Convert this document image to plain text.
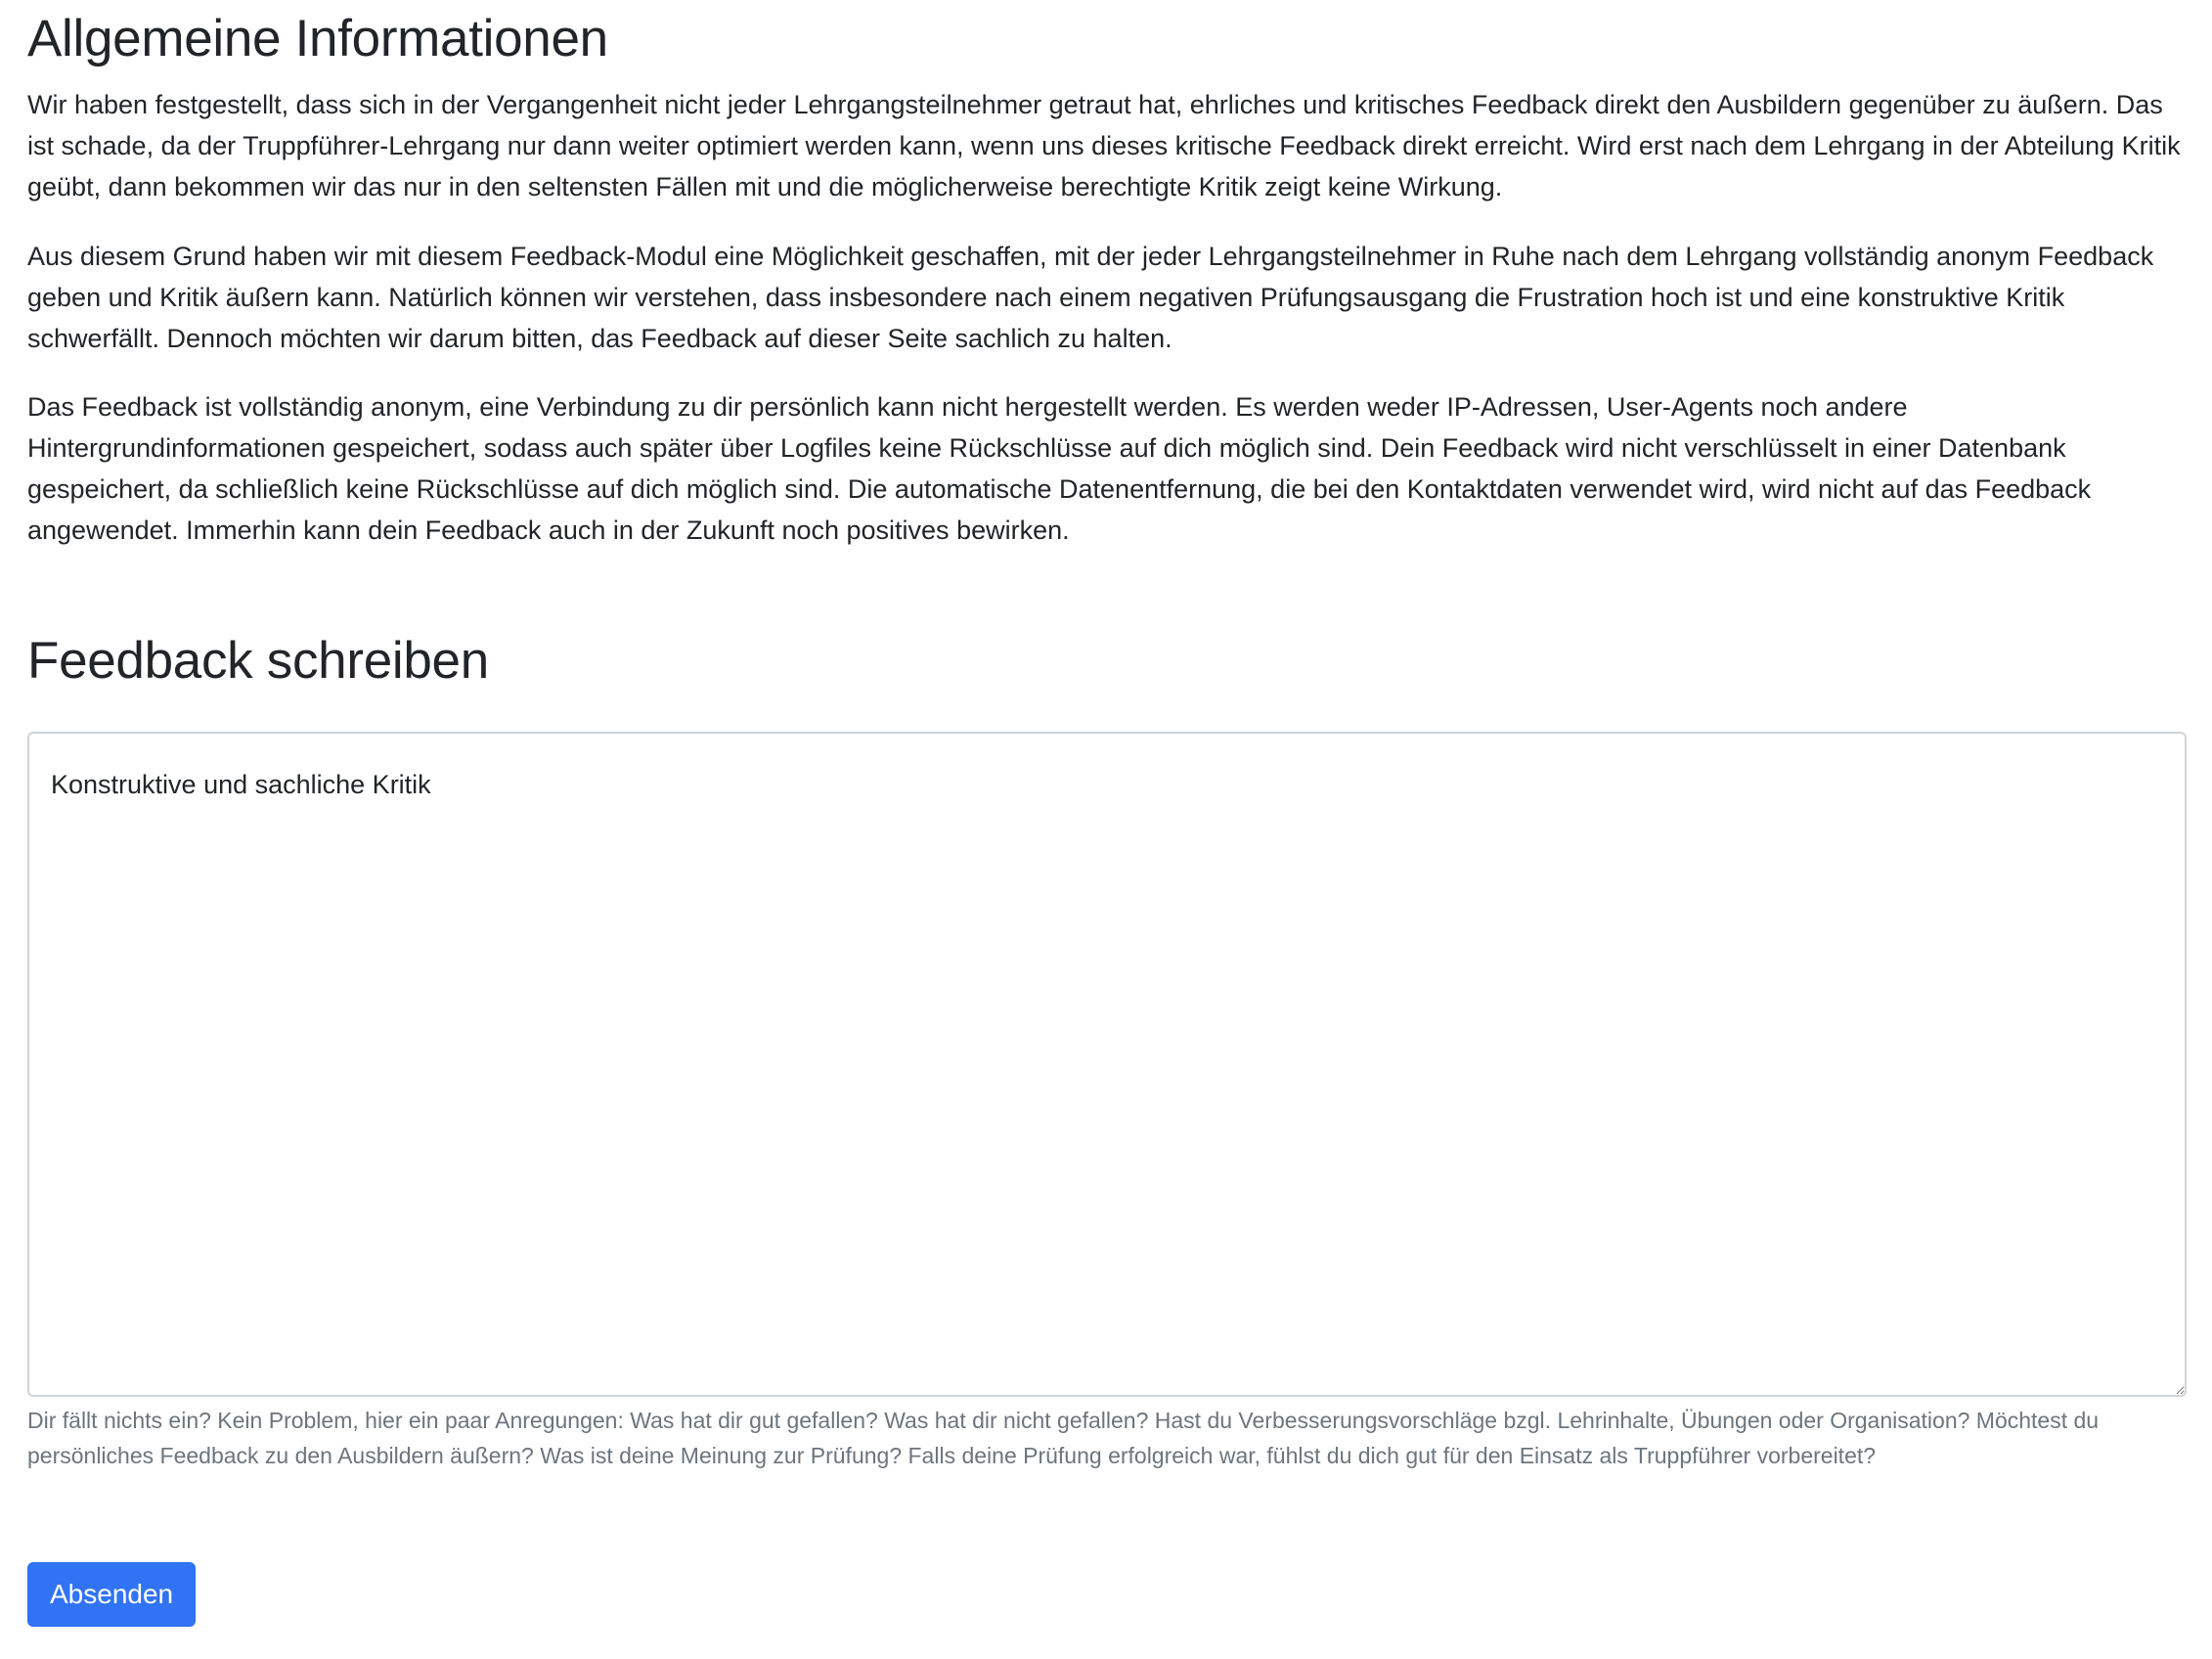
Allgemeine Informationen

Wir haben festgestellt, dass sich in der Vergangenheit nicht jeder Lehrgangsteilnehmer getraut hat, ehrliches und kritisches Feedback direkt den Ausbildern gegenüber zu äußern. Das ist schade, da der Truppführer-Lehrgang nur dann weiter optimiert werden kann, wenn uns dieses kritische Feedback direkt erreicht. Wird erst nach dem Lehrgang in der Abteilung Kritik geübt, dann bekommen wir das nur in den seltensten Fällen mit und die möglicherweise berechtigte Kritik zeigt keine Wirkung.

Aus diesem Grund haben wir mit diesem Feedback-Modul eine Möglichkeit geschaffen, mit der jeder Lehrgangsteilnehmer in Ruhe nach dem Lehrgang vollständig anonym Feedback geben und Kritik äußern kann. Natürlich können wir verstehen, dass insbesondere nach einem negativen Prüfungsausgang die Frustration hoch ist und eine konstruktive Kritik schwerfällt. Dennoch möchten wir darum bitten, das Feedback auf dieser Seite sachlich zu halten.

Das Feedback ist vollständig anonym, eine Verbindung zu dir persönlich kann nicht hergestellt werden. Es werden weder IP-Adressen, User-Agents noch andere Hintergrundinformationen gespeichert, sodass auch später über Logfiles keine Rückschlüsse auf dich möglich sind. Dein Feedback wird nicht verschlüsselt in einer Datenbank gespeichert, da schließlich keine Rückschlüsse auf dich möglich sind. Die automatische Datenentfernung, die bei den Kontaktdaten verwendet wird, wird nicht auf das Feedback angewendet. Immerhin kann dein Feedback auch in der Zukunft noch positives bewirken.

Feedback schreiben
Konstruktive und sachliche Kritik

Dir fällt nichts ein? Kein Problem, hier ein paar Anregungen: Was hat dir gut gefallen? Was hat dir nicht gefallen? Hast du Verbesserungsvorschläge bzgl. Lehrinhalte, Übungen oder Organisation? Möchtest du persönliches Feedback zu den Ausbildern äußern? Was ist deine Meinung zur Prüfung? Falls deine Prüfung erfolgreich war, fühlst du dich gut für den Einsatz als Truppführer vorbereitet?

Absenden
